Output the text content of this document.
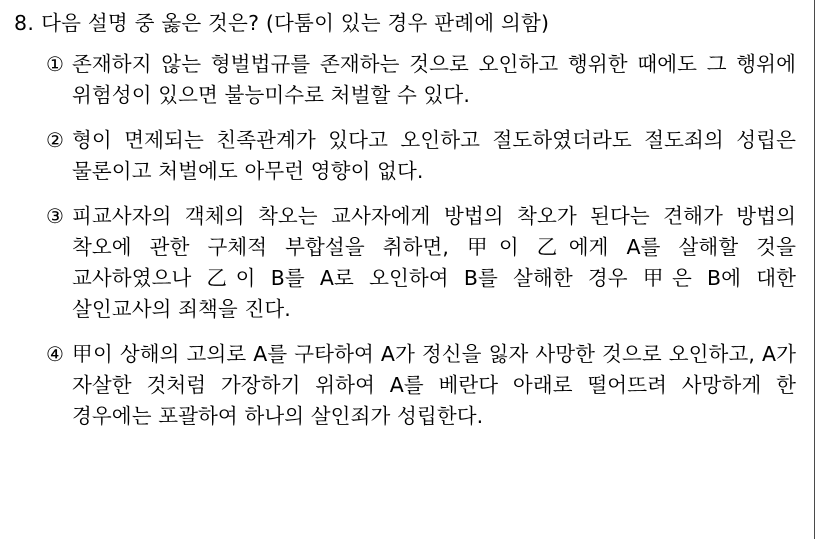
8. 다음 설명 중 옳은 것은? (다툼이 있는 경우 판례에 의함)
① 존재하지 않는 형벌법규를 존재하는 것으로 오인하고 행위한 때에도 그 행위에 위험성이 있으면 불능미수로 처벌할 수 있다.
② 형이 면제되는 친족관계가 있다고 오인하고 절도하였더라도 절도죄의 성립은 물론이고 처벌에도 아무런 영향이 없다.
③ 피교사자의 객체의 착오는 교사자에게 방법의 착오가 된다는 견해가 방법의 착오에 관한 구체적 부합설을 취하면, 甲이 乙에게 A를 살해할 것을 교사하였으나 乙이 B를 A로 오인하여 B를 살해한 경우 甲은 B에 대한 살인교사의 죄책을 진다.
④ 甲이 상해의 고의로 A를 구타하여 A가 정신을 잃자 사망한 것으로 오인하고, A가 자살한 것처럼 가장하기 위하여 A를 베란다 아래로 떨어뜨려 사망하게 한 경우에는 포괄하여 하나의 살인죄가 성립한다.
